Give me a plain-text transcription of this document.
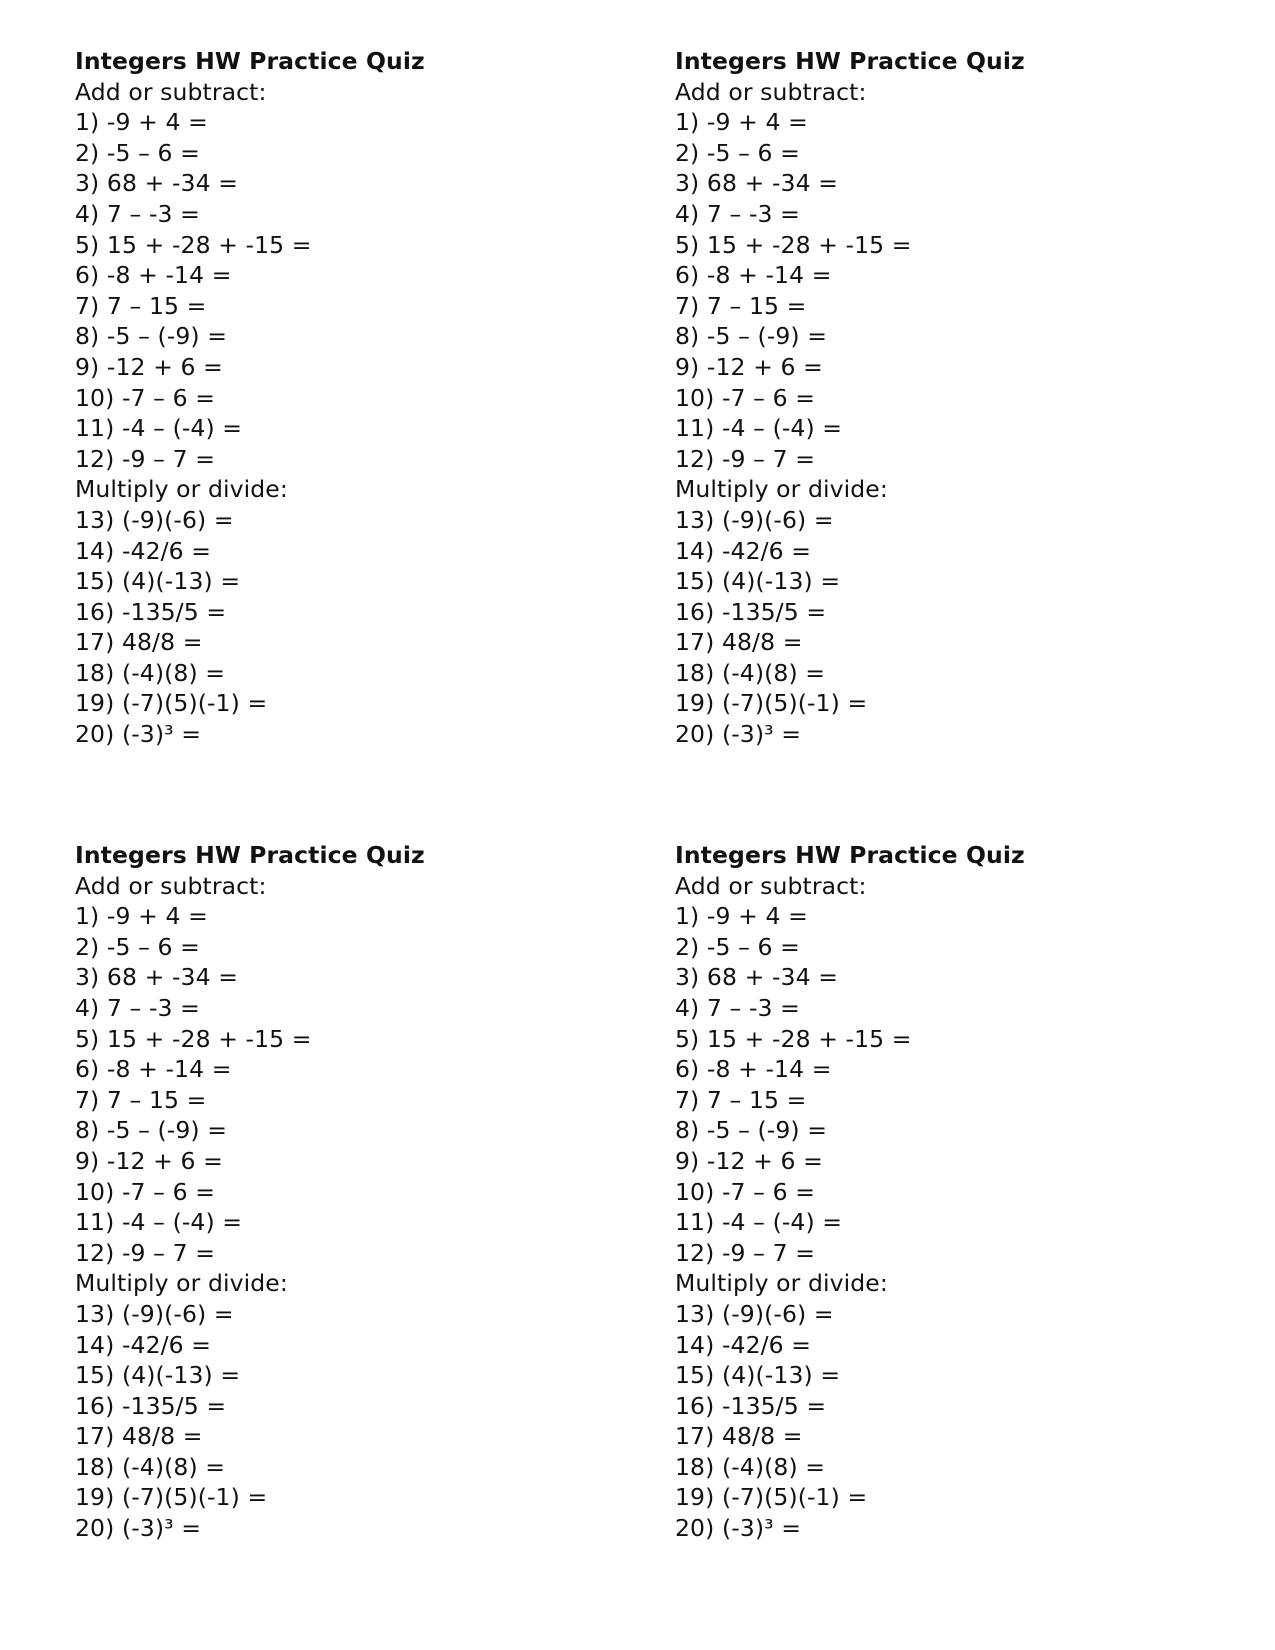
Integers HW Practice Quiz
Add or subtract:
1) -9 + 4 =
2) -5 – 6 =
3) 68 + -34 =
4) 7 – -3 =
5) 15 + -28 + -15 =
6) -8 + -14 =
7) 7 – 15 =
8) -5 – (-9) =
9) -12 + 6 =
10) -7 – 6 =
11) -4 – (-4) =
12) -9 – 7 =
Multiply or divide:
13) (-9)(-6) =
14) -42/6 =
15) (4)(-13) =
16) -135/5 =
17) 48/8 =
18) (-4)(8) =
19) (-7)(5)(-1) =
20) (-3)³ =
Integers HW Practice Quiz
Add or subtract:
1) -9 + 4 =
2) -5 – 6 =
3) 68 + -34 =
4) 7 – -3 =
5) 15 + -28 + -15 =
6) -8 + -14 =
7) 7 – 15 =
8) -5 – (-9) =
9) -12 + 6 =
10) -7 – 6 =
11) -4 – (-4) =
12) -9 – 7 =
Multiply or divide:
13) (-9)(-6) =
14) -42/6 =
15) (4)(-13) =
16) -135/5 =
17) 48/8 =
18) (-4)(8) =
19) (-7)(5)(-1) =
20) (-3)³ =
Integers HW Practice Quiz
Add or subtract:
1) -9 + 4 =
2) -5 – 6 =
3) 68 + -34 =
4) 7 – -3 =
5) 15 + -28 + -15 =
6) -8 + -14 =
7) 7 – 15 =
8) -5 – (-9) =
9) -12 + 6 =
10) -7 – 6 =
11) -4 – (-4) =
12) -9 – 7 =
Multiply or divide:
13) (-9)(-6) =
14) -42/6 =
15) (4)(-13) =
16) -135/5 =
17) 48/8 =
18) (-4)(8) =
19) (-7)(5)(-1) =
20) (-3)³ =
Integers HW Practice Quiz
Add or subtract:
1) -9 + 4 =
2) -5 – 6 =
3) 68 + -34 =
4) 7 – -3 =
5) 15 + -28 + -15 =
6) -8 + -14 =
7) 7 – 15 =
8) -5 – (-9) =
9) -12 + 6 =
10) -7 – 6 =
11) -4 – (-4) =
12) -9 – 7 =
Multiply or divide:
13) (-9)(-6) =
14) -42/6 =
15) (4)(-13) =
16) -135/5 =
17) 48/8 =
18) (-4)(8) =
19) (-7)(5)(-1) =
20) (-3)³ =
